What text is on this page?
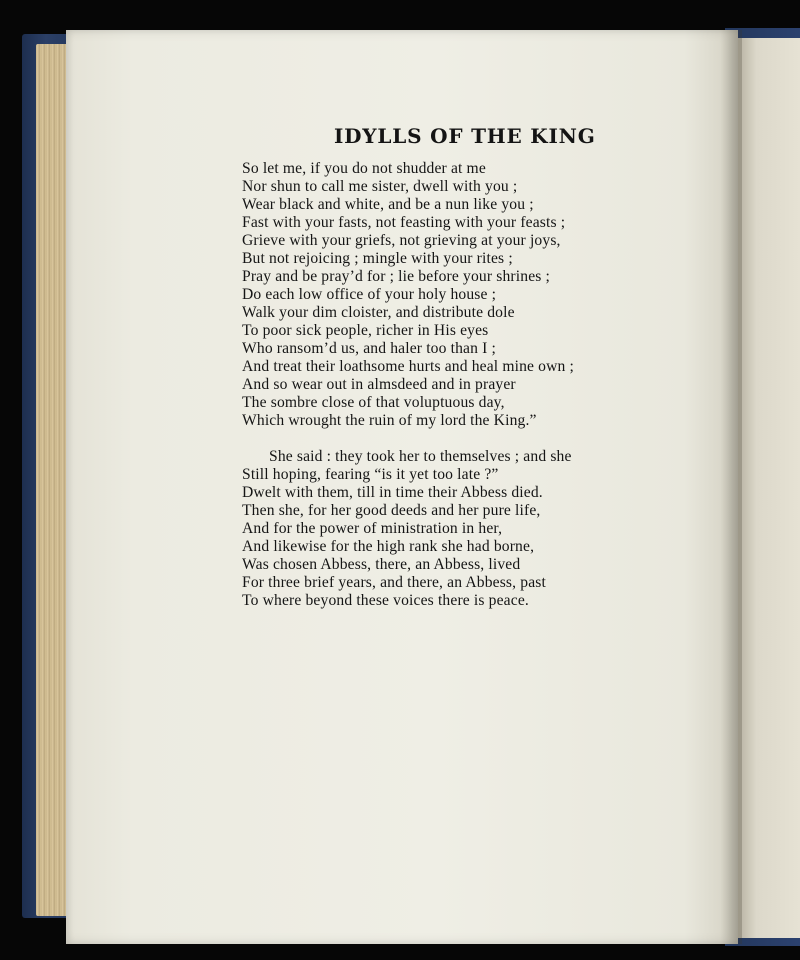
IDYLLS OF THE KING
So let me, if you do not shudder at me
Nor shun to call me sister, dwell with you ;
Wear black and white, and be a nun like you ;
Fast with your fasts, not feasting with your feasts ;
Grieve with your griefs, not grieving at your joys,
But not rejoicing ; mingle with your rites ;
Pray and be pray’d for ; lie before your shrines ;
Do each low office of your holy house ;
Walk your dim cloister, and distribute dole
To poor sick people, richer in His eyes
Who ransom’d us, and haler too than I ;
And treat their loathsome hurts and heal mine own ;
And so wear out in almsdeed and in prayer
The sombre close of that voluptuous day,
Which wrought the ruin of my lord the King.”
She said : they took her to themselves ; and she
Still hoping, fearing “is it yet too late ?”
Dwelt with them, till in time their Abbess died.
Then she, for her good deeds and her pure life,
And for the power of ministration in her,
And likewise for the high rank she had borne,
Was chosen Abbess, there, an Abbess, lived
For three brief years, and there, an Abbess, past
To where beyond these voices there is peace.
